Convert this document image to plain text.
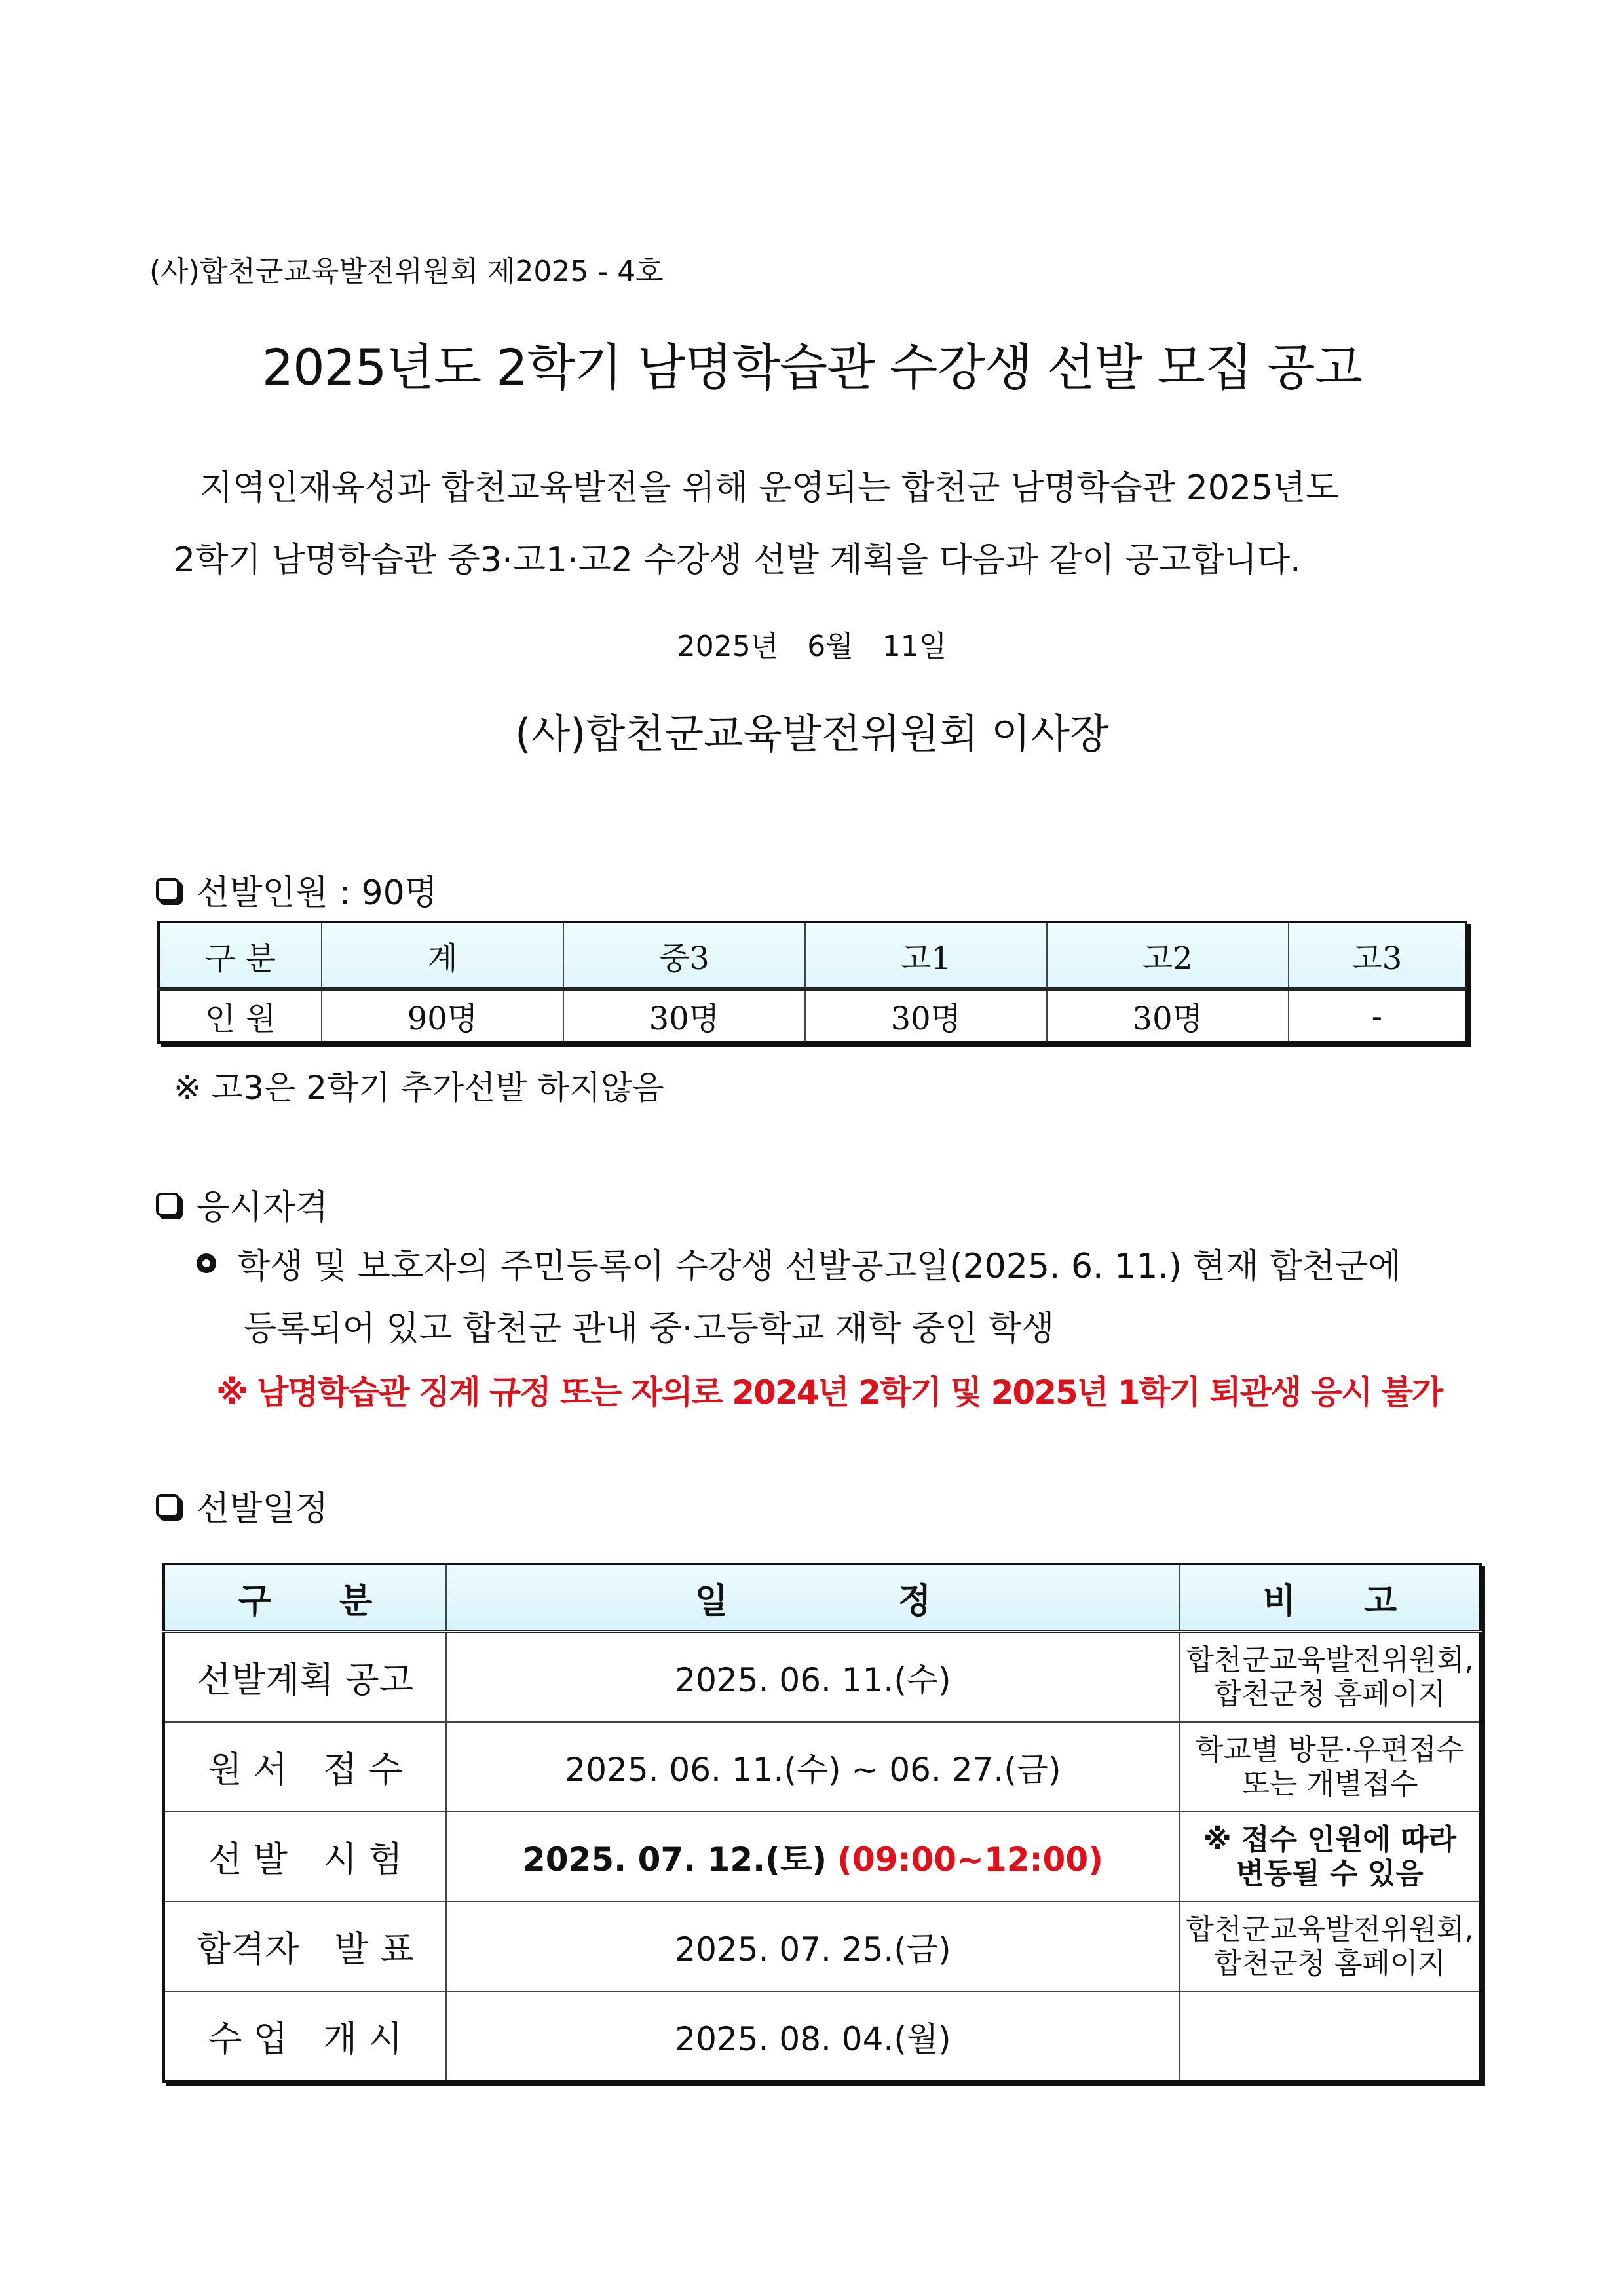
(사)합천군교육발전위원회 제2025 - 4호
2025년도 2학기 남명학습관 수강생 선발 모집 공고

지역인재육성과 합천교육발전을 위해 운영되는 합천군 남명학습관 2025년도

2학기 남명학습관 중3·고1·고2 수강생 선발 계획을 다음과 같이 공고합니다.

2025년 6월 11일
(사)합천군교육발전위원회 이사장
선발인원 : 90명
구 분	계	중3	고1	고2	고3
인 원	90명	30명	30명	30명	-
※ 고3은 2학기 추가선발 하지않음
응시자격
학생 및 보호자의 주민등록이 수강생 선발공고일(2025. 6. 11.) 현재 합천군에
등록되어 있고 합천군 관내 중·고등학교 재학 중인 학생
※ 남명학습관 징계 규정 또는 자의로 2024년 2학기 및 2025년 1학기 퇴관생 응시 불가
선발일정
구　　분	일　　　　　정	비　　고
선발계획 공고	2025. 06. 11.(수)	합천군교육발전위원회,
합천군청 홈페이지

원 서　접 수	2025. 06. 11.(수) ~ 06. 27.(금)	학교별 방문·우편접수
또는 개별접수

선 발　시 험	2025. 07. 12.(토) (09:00~12:00)	※ 접수 인원에 따라
변동될 수 있음

합격자　발 표	2025. 07. 25.(금)	합천군교육발전위원회,
합천군청 홈페이지

수 업　개 시	2025. 08. 04.(월)	
